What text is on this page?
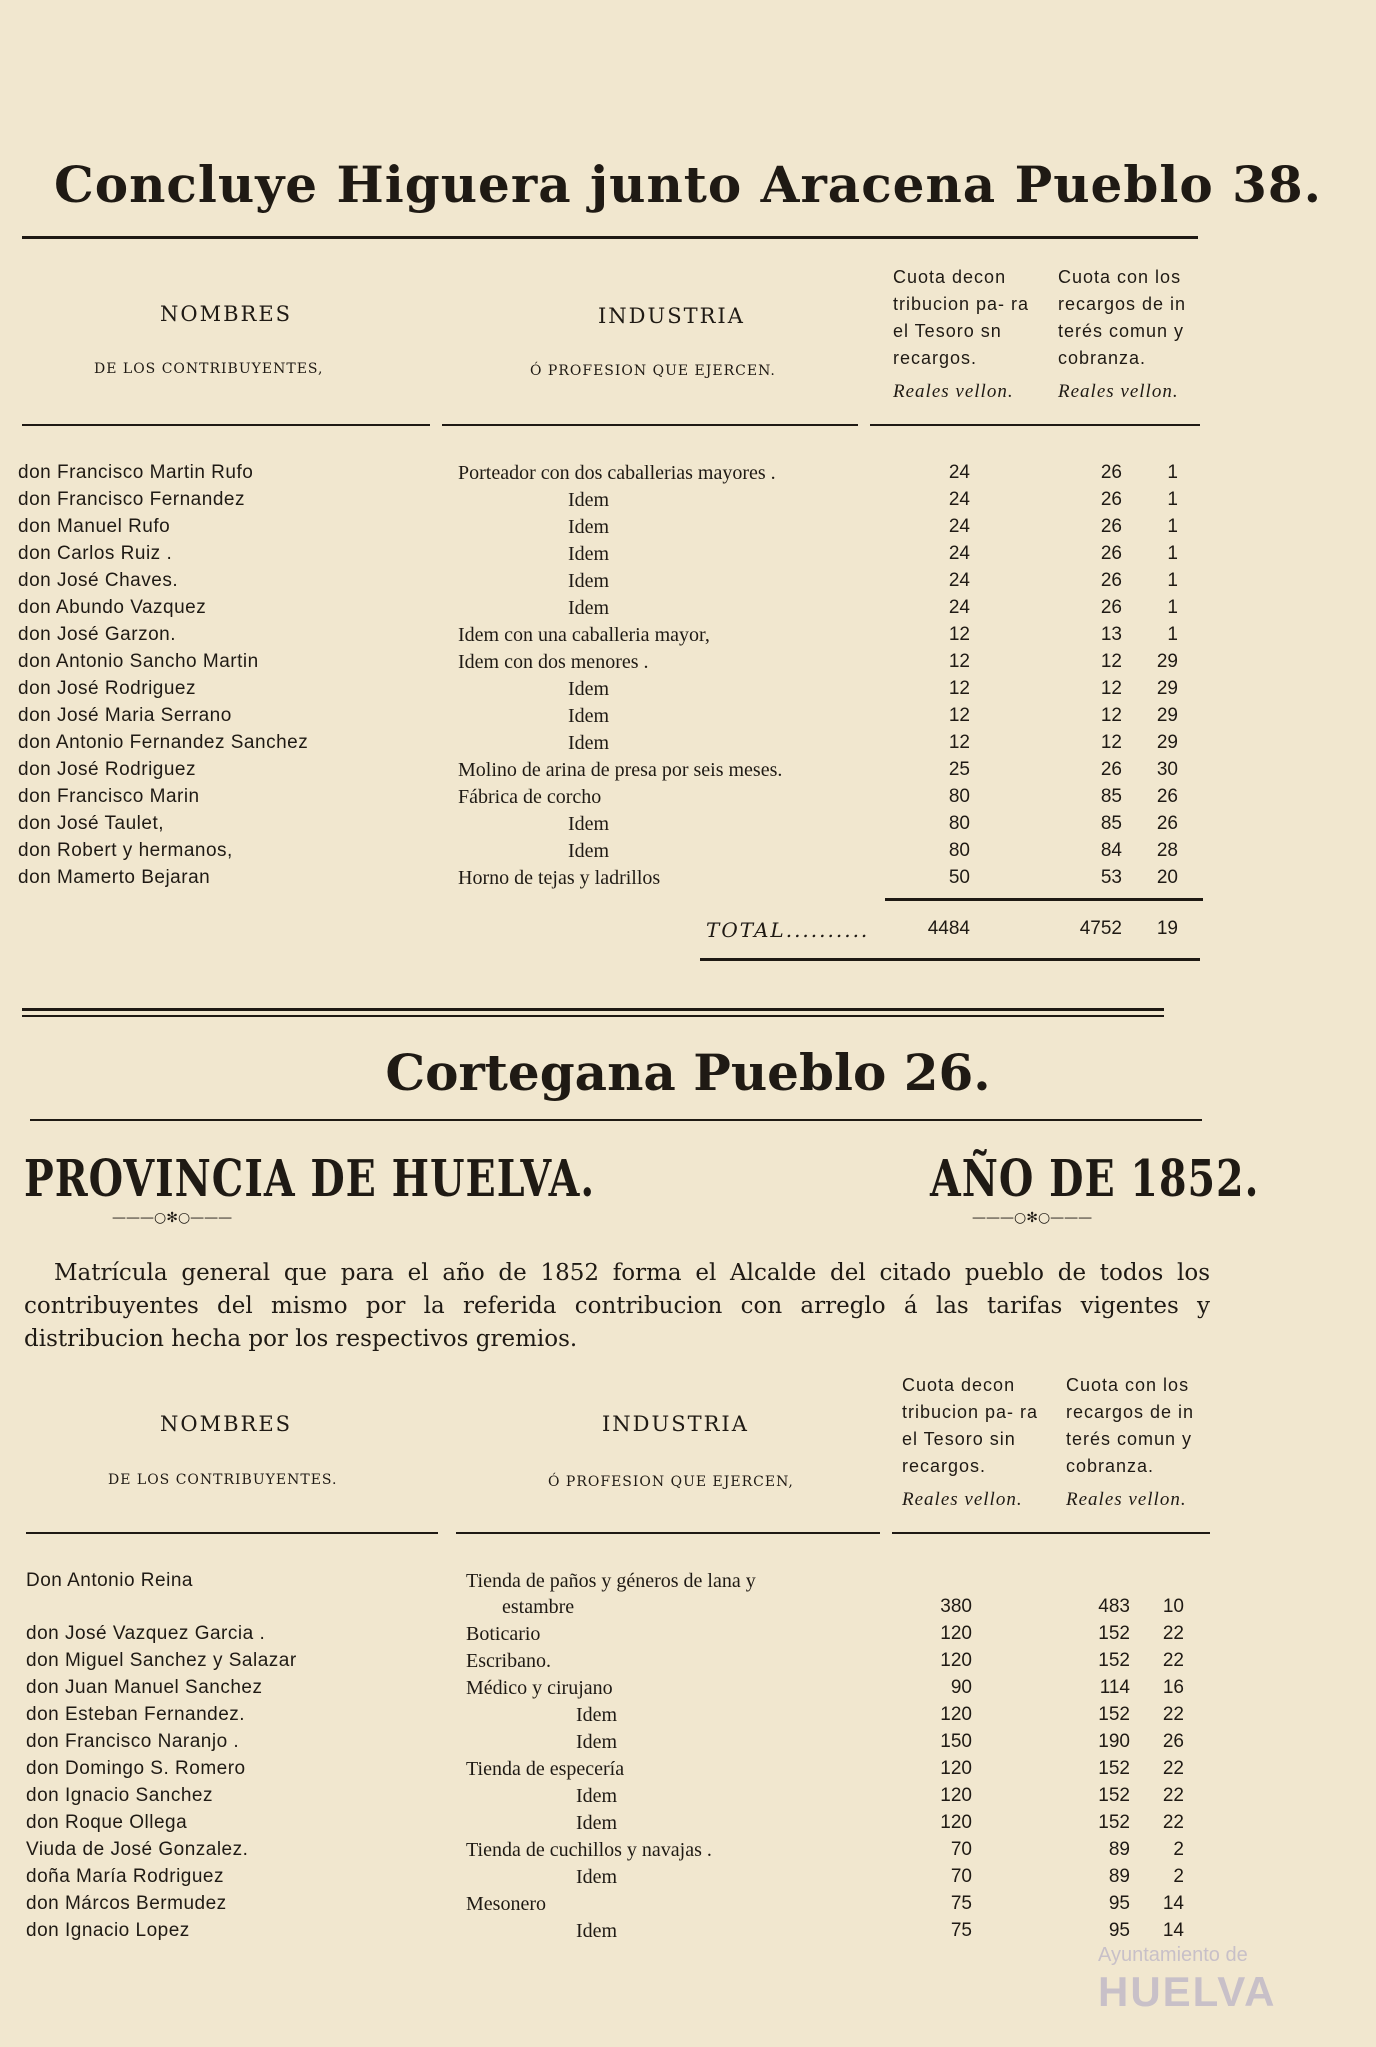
Concluye Higuera junto Aracena Pueblo 38.
NOMBRES
DE LOS CONTRIBUYENTES,
INDUSTRIA
Ó PROFESION QUE EJERCEN.
Cuota decon tribucion pa- ra el Tesoro sn recargos.
Reales vellon.
Cuota con los recargos de in terés comun y cobranza.
Reales vellon.
don Francisco Martin Rufo	Porteador con dos caballerias mayores .	24	26	1
don Francisco Fernandez	Idem	24	26	1
don Manuel Rufo	Idem	24	26	1
don Carlos Ruiz .	Idem	24	26	1
don José Chaves.	Idem	24	26	1
don Abundo Vazquez	Idem	24	26	1
don José Garzon.	Idem con una caballeria mayor,	12	13	1
don Antonio Sancho Martin	Idem con dos menores .	12	12	29
don José Rodriguez	Idem	12	12	29
don José Maria Serrano	Idem	12	12	29
don Antonio Fernandez Sanchez	Idem	12	12	29
don José Rodriguez	Molino de arina de presa por seis meses.	25	26	30
don Francisco Marin	Fábrica de corcho	80	85	26
don José Taulet,	Idem	80	85	26
don Robert y hermanos,	Idem	80	84	28
don Mamerto Bejaran	Horno de tejas y ladrillos	50	53	20
TOTAL..........	4484	4752	19
Cortegana Pueblo 26.
PROVINCIA DE HUELVA.
———○✻○———
AÑO DE 1852.
———○✻○———
Matrícula general que para el año de 1852 forma el Alcalde del citado pueblo de todos los contribuyentes del mismo por la referida contribucion con arreglo á las tarifas vigentes y distribucion hecha por los respectivos gremios.
NOMBRES
DE LOS CONTRIBUYENTES.
INDUSTRIA
Ó PROFESION QUE EJERCEN,
Cuota decon tribucion pa- ra el Tesoro sin recargos.
Reales vellon.
Cuota con los recargos de in terés comun y cobranza.
Reales vellon.
Don Antonio Reina	Tienda de paños y géneros de lana y
estambre	380	483	10
don José Vazquez Garcia .	Boticario	120	152	22
don Miguel Sanchez y Salazar	Escribano.	120	152	22
don Juan Manuel Sanchez	Médico y cirujano	90	114	16
don Esteban Fernandez.	Idem	120	152	22
don Francisco Naranjo .	Idem	150	190	26
don Domingo S. Romero	Tienda de especería	120	152	22
don Ignacio Sanchez	Idem	120	152	22
don Roque Ollega	Idem	120	152	22
Viuda de José Gonzalez.	Tienda de cuchillos y navajas .	70	89	2
doña María Rodriguez	Idem	70	89	2
don Márcos Bermudez	Mesonero	75	95	14
don Ignacio Lopez	Idem	75	95	14
Ayuntamiento de
HUELVA
